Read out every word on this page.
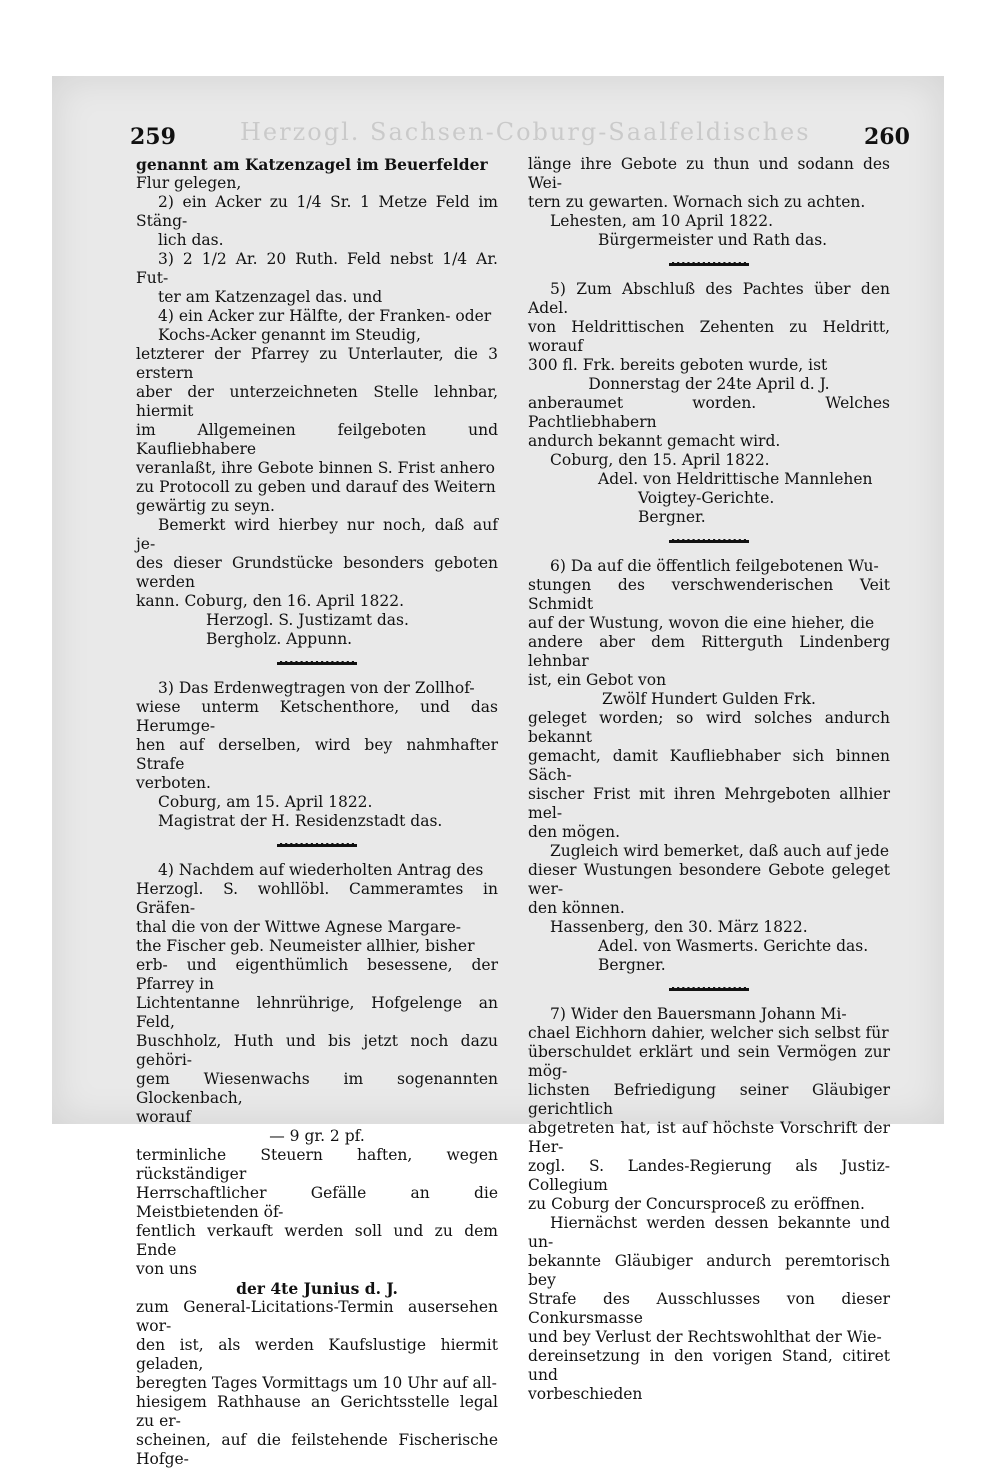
Herzogl. Sachsen-Coburg-Saalfeldisches
259	260

genannt am Katzenzagel im Beuerfelder

Flur gelegen,

2) ein Acker zu 1/4 Sr. 1 Metze Feld im Stäng-

lich das.

3) 2 1/2 Ar. 20 Ruth. Feld nebst 1/4 Ar. Fut-

ter am Katzenzagel das. und

4) ein Acker zur Hälfte, der Franken- oder

Kochs-Acker genannt im Steudig,

letzterer der Pfarrey zu Unterlauter, die 3 erstern

aber der unterzeichneten Stelle lehnbar, hiermit

im Allgemeinen feilgeboten und Kaufliebhabere

veranlaßt, ihre Gebote binnen S. Frist anhero

zu Protocoll zu geben und darauf des Weitern

gewärtig zu seyn.

Bemerkt wird hierbey nur noch, daß auf je-

des dieser Grundstücke besonders geboten werden

kann. Coburg, den 16. April 1822.

Herzogl. S. Justizamt das.

Bergholz. Appunn.

3) Das Erdenwegtragen von der Zollhof-

wiese unterm Ketschenthore, und das Herumge-

hen auf derselben, wird bey nahmhafter Strafe

verboten.

Coburg, am 15. April 1822.

Magistrat der H. Residenzstadt das.

4) Nachdem auf wiederholten Antrag des

Herzogl. S. wohllöbl. Cammeramtes in Gräfen-

thal die von der Wittwe Agnese Margare-

the Fischer geb. Neumeister allhier, bisher

erb- und eigenthümlich besessene, der Pfarrey in

Lichtentanne lehnrührige, Hofgelenge an Feld,

Buschholz, Huth und bis jetzt noch dazu gehöri-

gem Wiesenwachs im sogenannten Glockenbach,

worauf

— 9 gr. 2 pf.

terminliche Steuern haften, wegen rückständiger

Herrschaftlicher Gefälle an die Meistbietenden öf-

fentlich verkauft werden soll und zu dem Ende

von uns

der 4te Junius d. J.

zum General-Licitations-Termin ausersehen wor-

den ist, als werden Kaufslustige hiermit geladen,

beregten Tages Vormittags um 10 Uhr auf all-

hiesigem Rathhause an Gerichtsstelle legal zu er-

scheinen, auf die feilstehende Fischerische Hofge-

länge ihre Gebote zu thun und sodann des Wei-

tern zu gewarten. Wornach sich zu achten.

Lehesten, am 10 April 1822.

Bürgermeister und Rath das.

5) Zum Abschluß des Pachtes über den Adel.

von Heldrittischen Zehenten zu Heldritt, worauf

300 fl. Frk. bereits geboten wurde, ist

Donnerstag der 24te April d. J.

anberaumet worden. Welches Pachtliebhabern

andurch bekannt gemacht wird.

Coburg, den 15. April 1822.

Adel. von Heldrittische Mannlehen

Voigtey-Gerichte.

Bergner.

6) Da auf die öffentlich feilgebotenen Wu-

stungen des verschwenderischen Veit Schmidt

auf der Wustung, wovon die eine hieher, die

andere aber dem Ritterguth Lindenberg lehnbar

ist, ein Gebot von

Zwölf Hundert Gulden Frk.

geleget worden; so wird solches andurch bekannt

gemacht, damit Kaufliebhaber sich binnen Säch-

sischer Frist mit ihren Mehrgeboten allhier mel-

den mögen.

Zugleich wird bemerket, daß auch auf jede

dieser Wustungen besondere Gebote geleget wer-

den können.

Hassenberg, den 30. März 1822.

Adel. von Wasmerts. Gerichte das.

Bergner.

7) Wider den Bauersmann Johann Mi-

chael Eichhorn dahier, welcher sich selbst für

überschuldet erklärt und sein Vermögen zur mög-

lichsten Befriedigung seiner Gläubiger gerichtlich

abgetreten hat, ist auf höchste Vorschrift der Her-

zogl. S. Landes-Regierung als Justiz-Collegium

zu Coburg der Concursproceß zu eröffnen.

Hiernächst werden dessen bekannte und un-

bekannte Gläubiger andurch peremtorisch bey

Strafe des Ausschlusses von dieser Conkursmasse

und bey Verlust der Rechtswohlthat der Wie-

dereinsetzung in den vorigen Stand, citiret und

vorbeschieden
